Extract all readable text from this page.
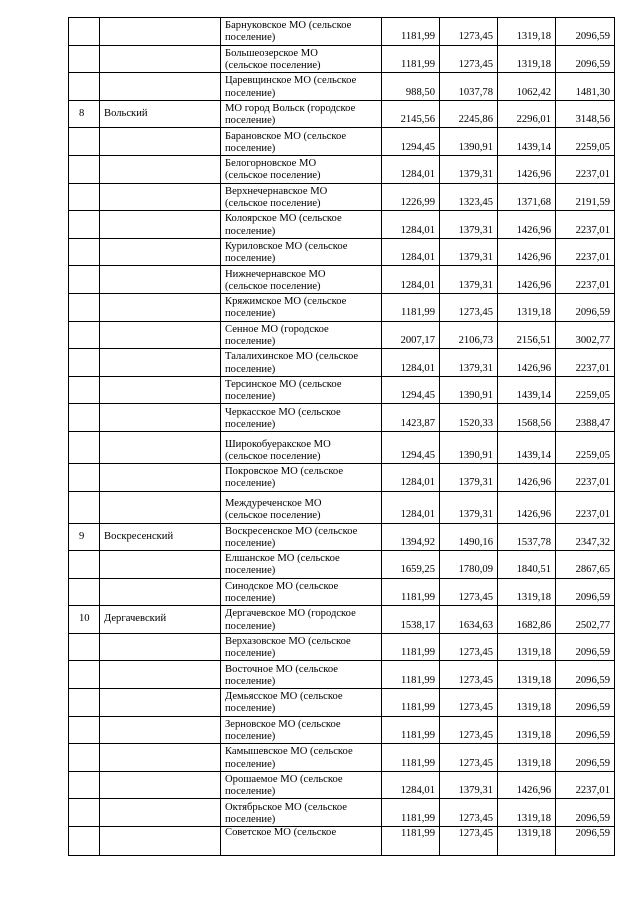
		Барнуковское МО (сельское
поселение)	1181,99	1273,45	1319,18	2096,59

		Большеозерское МО
(сельское поселение)	1181,99	1273,45	1319,18	2096,59

		Царевщинское МО (сельское
поселение)	988,50	1037,78	1062,42	1481,30
8	Вольский	МО город Вольск (городское
поселение)	2145,56	2245,86	2296,01	3148,56

		Барановское МО (сельское
поселение)	1294,45	1390,91	1439,14	2259,05

		Белогорновское МО
(сельское поселение)	1284,01	1379,31	1426,96	2237,01

		Верхнечернавское МО
(сельское поселение)	1226,99	1323,45	1371,68	2191,59

		Колоярское МО (сельское
поселение)	1284,01	1379,31	1426,96	2237,01

		Куриловское МО (сельское
поселение)	1284,01	1379,31	1426,96	2237,01

		Нижнечернавское МО
(сельское поселение)	1284,01	1379,31	1426,96	2237,01

		Кряжимское МО (сельское
поселение)	1181,99	1273,45	1319,18	2096,59

		Сенное МО (городское
поселение)	2007,17	2106,73	2156,51	3002,77

		Талалихинское МО (сельское
поселение)	1284,01	1379,31	1426,96	2237,01

		Терсинское МО (сельское
поселение)	1294,45	1390,91	1439,14	2259,05

		Черкасское МО (сельское
поселение)	1423,87	1520,33	1568,56	2388,47

		Широкобуеракское МО
(сельское поселение)	1294,45	1390,91	1439,14	2259,05

		Покровское МО (сельское
поселение)	1284,01	1379,31	1426,96	2237,01

		Междуреченское МО
(сельское поселение)	1284,01	1379,31	1426,96	2237,01
9	Воскресенский	Воскресенское МО (сельское
поселение)	1394,92	1490,16	1537,78	2347,32

		Елшанское МО (сельское
поселение)	1659,25	1780,09	1840,51	2867,65

		Синодское МО (сельское
поселение)	1181,99	1273,45	1319,18	2096,59
10	Дергачевский	Дергачевское МО (городское
поселение)	1538,17	1634,63	1682,86	2502,77

		Верхазовское МО (сельское
поселение)	1181,99	1273,45	1319,18	2096,59

		Восточное МО (сельское
поселение)	1181,99	1273,45	1319,18	2096,59

		Демьясское МО (сельское
поселение)	1181,99	1273,45	1319,18	2096,59

		Зерновское МО (сельское
поселение)	1181,99	1273,45	1319,18	2096,59

		Камышевское МО (сельское
поселение)	1181,99	1273,45	1319,18	2096,59

		Орошаемое МО (сельское
поселение)	1284,01	1379,31	1426,96	2237,01

		Октябрьское МО (сельское
поселение)	1181,99	1273,45	1319,18	2096,59

		Советское МО (сельское	1181,99	1273,45	1319,18	2096,59
